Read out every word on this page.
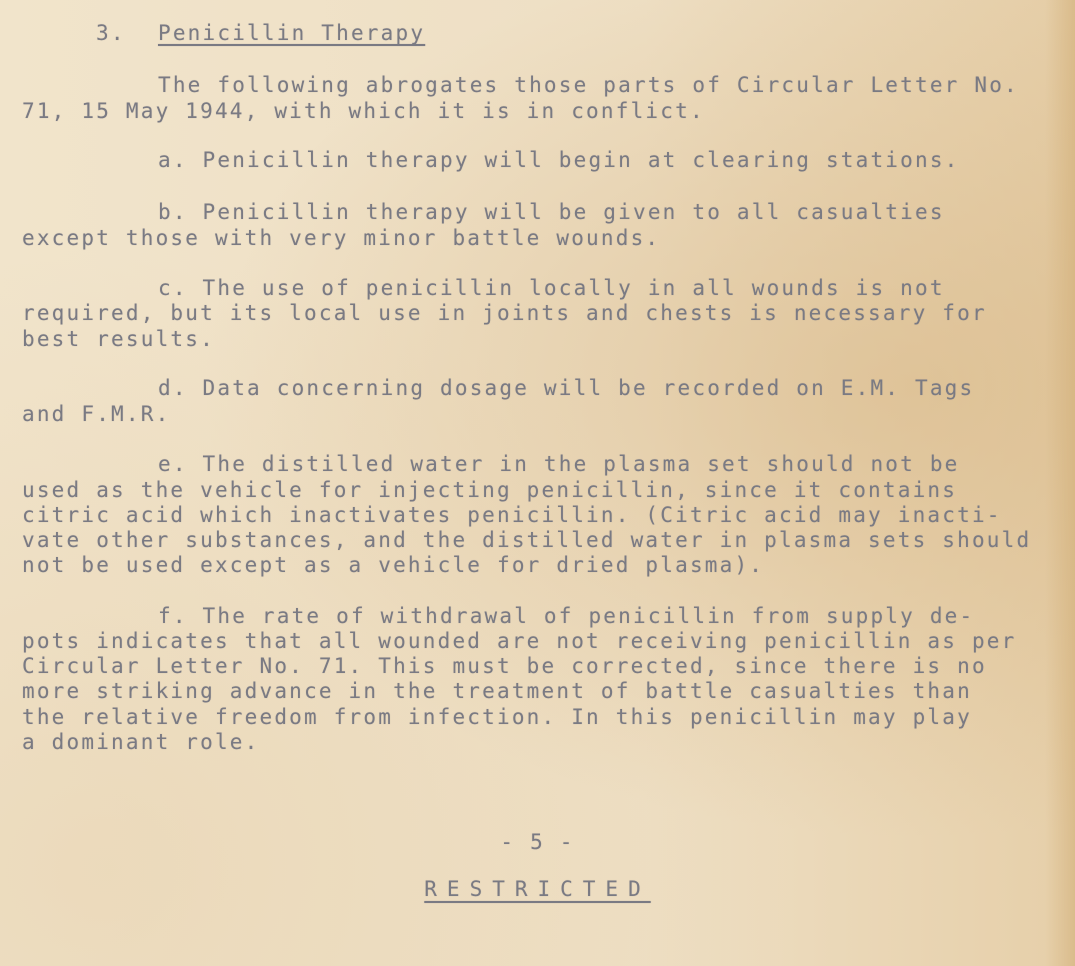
3. Penicillin Therapy
The following abrogates those parts of Circular Letter No.
71, 15 May 1944, with which it is in conflict.
a. Penicillin therapy will begin at clearing stations.
b. Penicillin therapy will be given to all casualties
except those with very minor battle wounds.
c. The use of penicillin locally in all wounds is not
required, but its local use in joints and chests is necessary for
best results.
d. Data concerning dosage will be recorded on E.M. Tags
and F.M.R.
e. The distilled water in the plasma set should not be
used as the vehicle for injecting penicillin, since it contains
citric acid which inactivates penicillin. (Citric acid may inacti-
vate other substances, and the distilled water in plasma sets should
not be used except as a vehicle for dried plasma).
f. The rate of withdrawal of penicillin from supply de-
pots indicates that all wounded are not receiving penicillin as per
Circular Letter No. 71. This must be corrected, since there is no
more striking advance in the treatment of battle casualties than
the relative freedom from infection. In this penicillin may play
a dominant role.
- 5 -
RESTRICTED
